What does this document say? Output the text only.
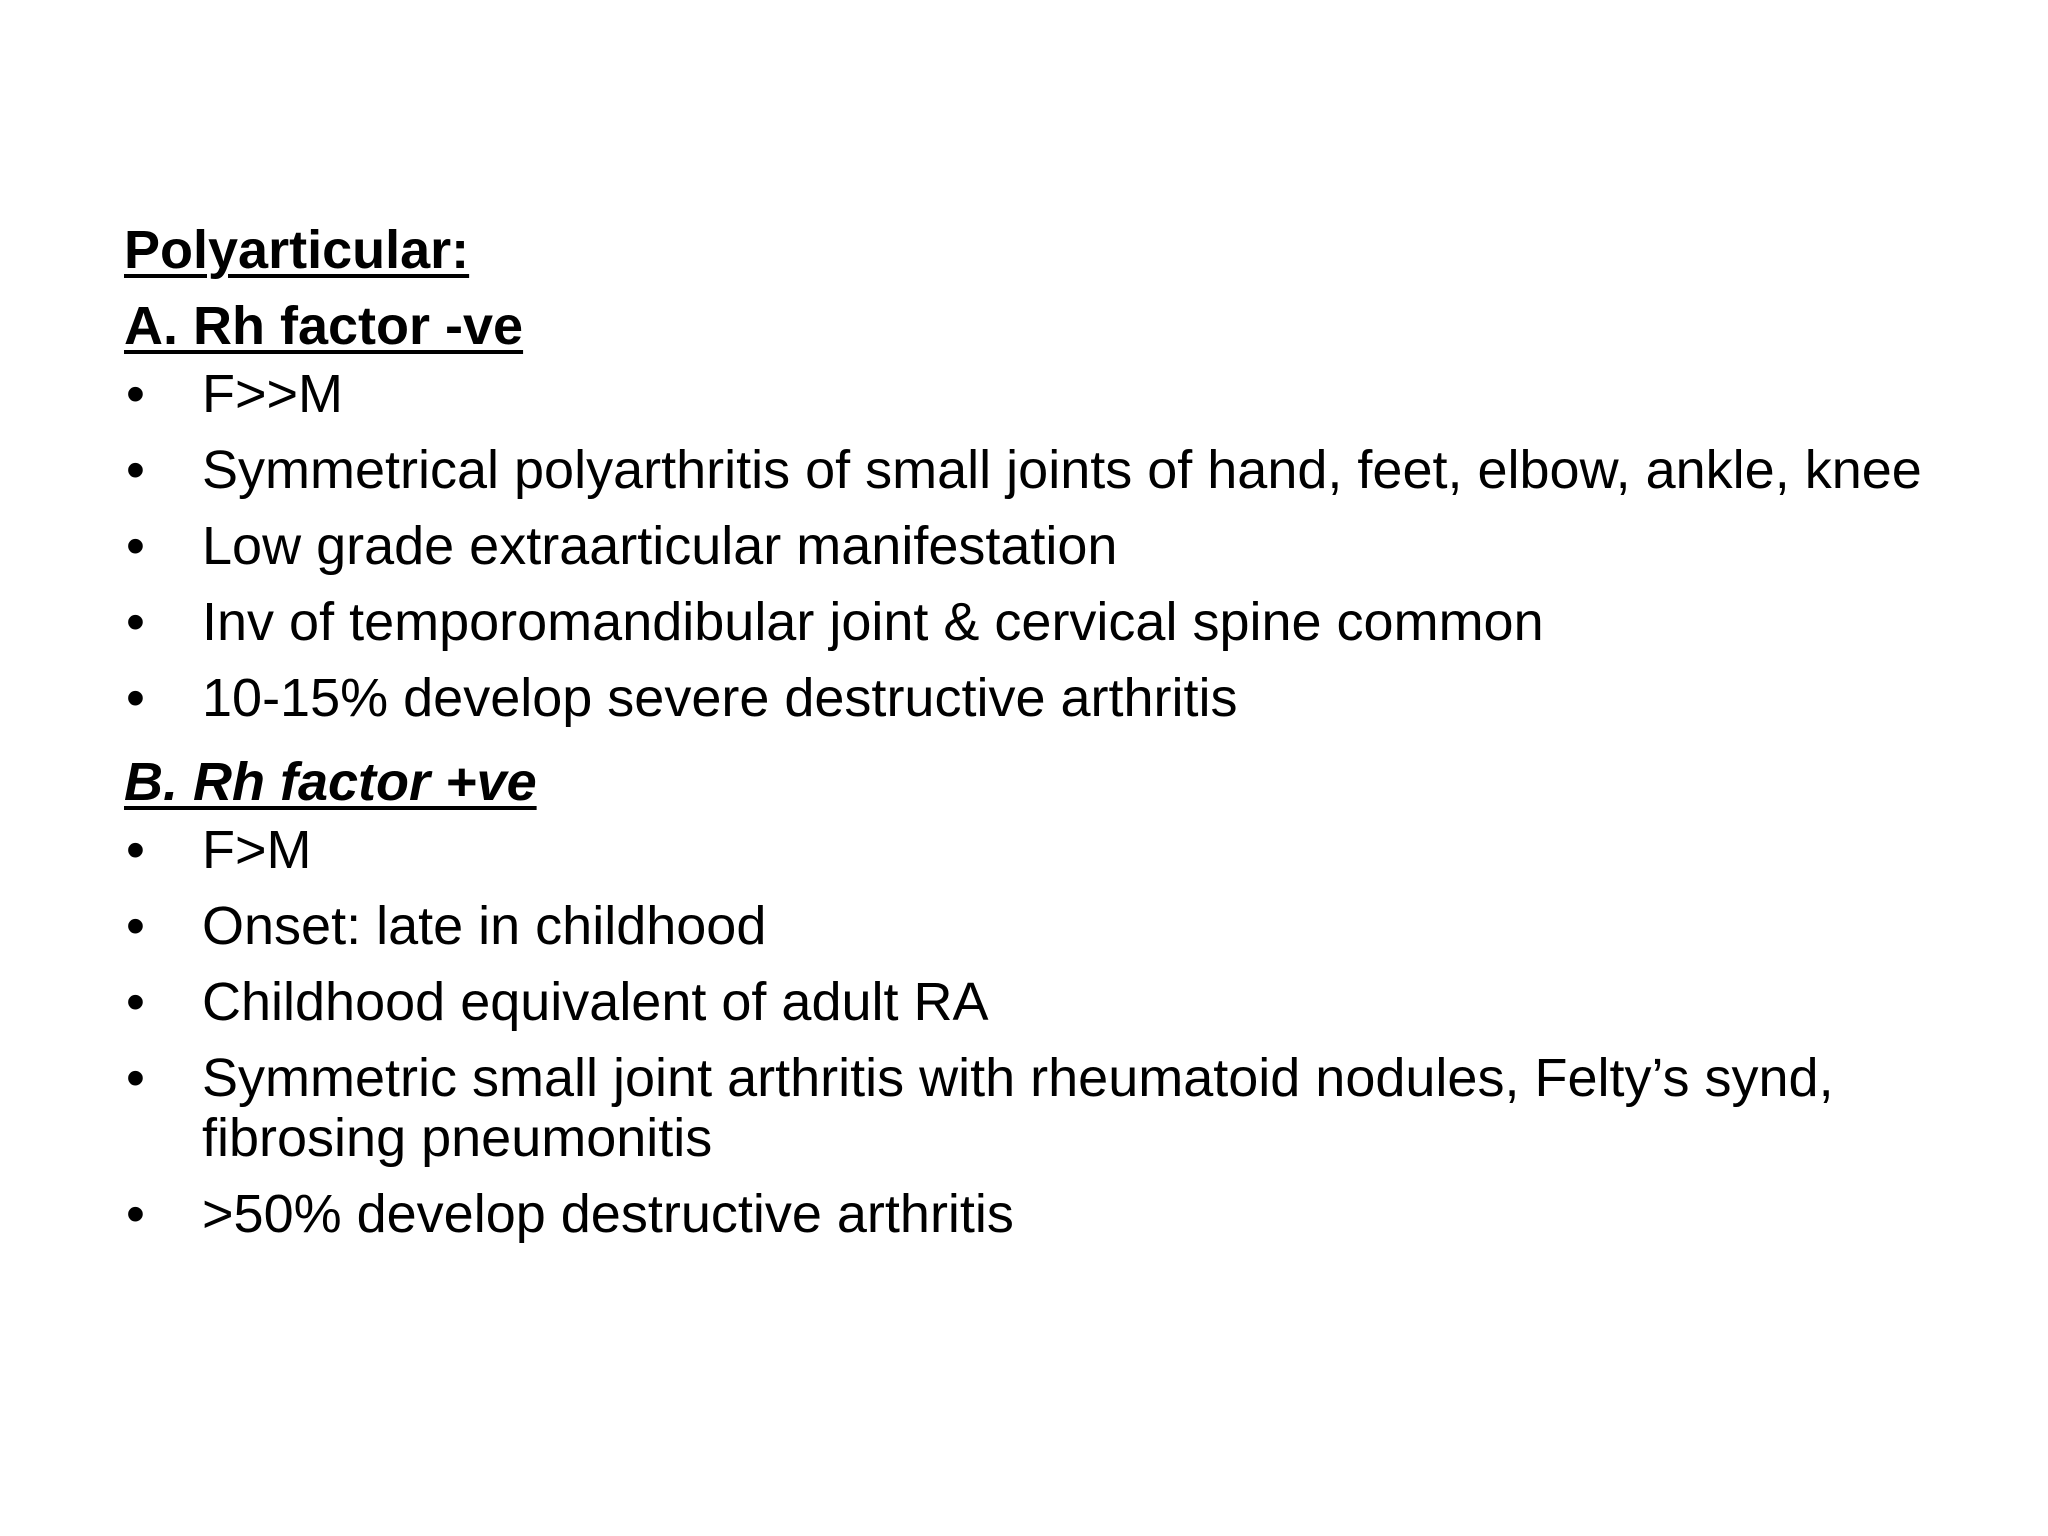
Polyarticular:
A. Rh factor -ve
•	F>>M
•	Symmetrical polyarthritis of small joints of hand, feet, elbow, ankle, knee
•	Low grade extraarticular manifestation
•	Inv of temporomandibular joint & cervical spine common
•	10-15% develop severe destructive arthritis
B. Rh factor +ve
•	F>M
•	Onset: late in childhood
•	Childhood equivalent of adult RA
•	Symmetric small joint arthritis with rheumatoid nodules, Felty’s synd, fibrosing pneumonitis
•	>50% develop destructive arthritis
